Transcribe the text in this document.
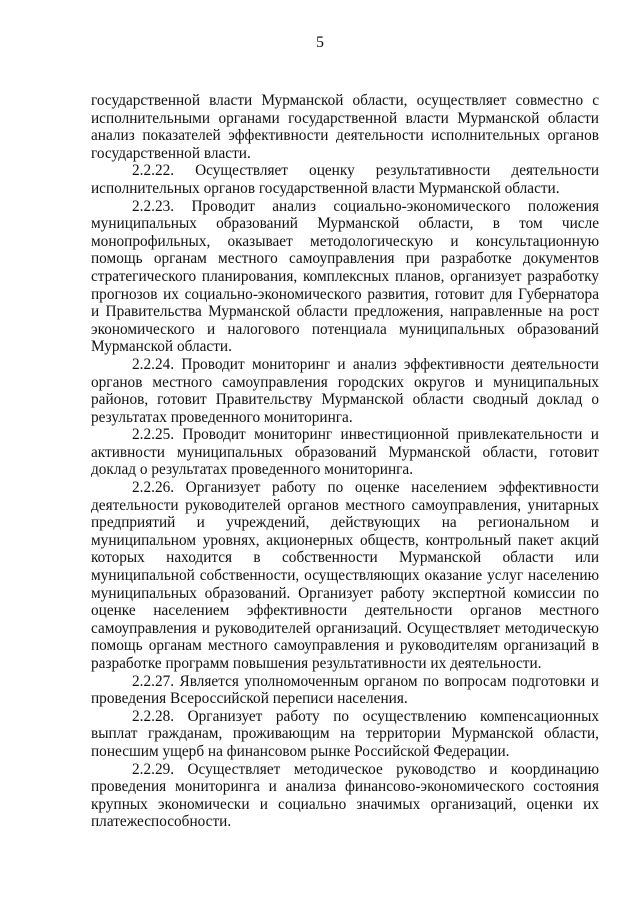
5

государственной власти Мурманской области, осуществляет совместно с исполнительными органами государственной власти Мурманской области анализ показателей эффективности деятельности исполнительных органов государственной власти.

2.2.22. Осуществляет оценку результативности деятельности исполнительных органов государственной власти Мурманской области.

2.2.23. Проводит анализ социально-экономического положения муниципальных образований Мурманской области, в том числе монопрофильных, оказывает методологическую и консультационную помощь органам местного самоуправления при разработке документов стратегического планирования, комплексных планов, организует разработку прогнозов их социально-экономического развития, готовит для Губернатора и Правительства Мурманской области предложения, направленные на рост экономического и налогового потенциала муниципальных образований Мурманской области.

2.2.24. Проводит мониторинг и анализ эффективности деятельности органов местного самоуправления городских округов и муниципальных районов, готовит Правительству Мурманской области сводный доклад о результатах проведенного мониторинга.

2.2.25. Проводит мониторинг инвестиционной привлекательности и активности муниципальных образований Мурманской области, готовит доклад о результатах проведенного мониторинга.

2.2.26. Организует работу по оценке населением эффективности деятельности руководителей органов местного самоуправления, унитарных предприятий и учреждений, действующих на региональном и муниципальном уровнях, акционерных обществ, контрольный пакет акций которых находится в собственности Мурманской области или муниципальной собственности, осуществляющих оказание услуг населению муниципальных образований. Организует работу экспертной комиссии по оценке населением эффективности деятельности органов местного самоуправления и руководителей организаций. Осуществляет методическую помощь органам местного самоуправления и руководителям организаций в разработке программ повышения результативности их деятельности.

2.2.27. Является уполномоченным органом по вопросам подготовки и проведения Всероссийской переписи населения.

2.2.28. Организует работу по осуществлению компенсационных выплат гражданам, проживающим на территории Мурманской области, понесшим ущерб на финансовом рынке Российской Федерации.

2.2.29. Осуществляет методическое руководство и координацию проведения мониторинга и анализа финансово-экономического состояния крупных экономически и социально значимых организаций, оценки их платежеспособности.
